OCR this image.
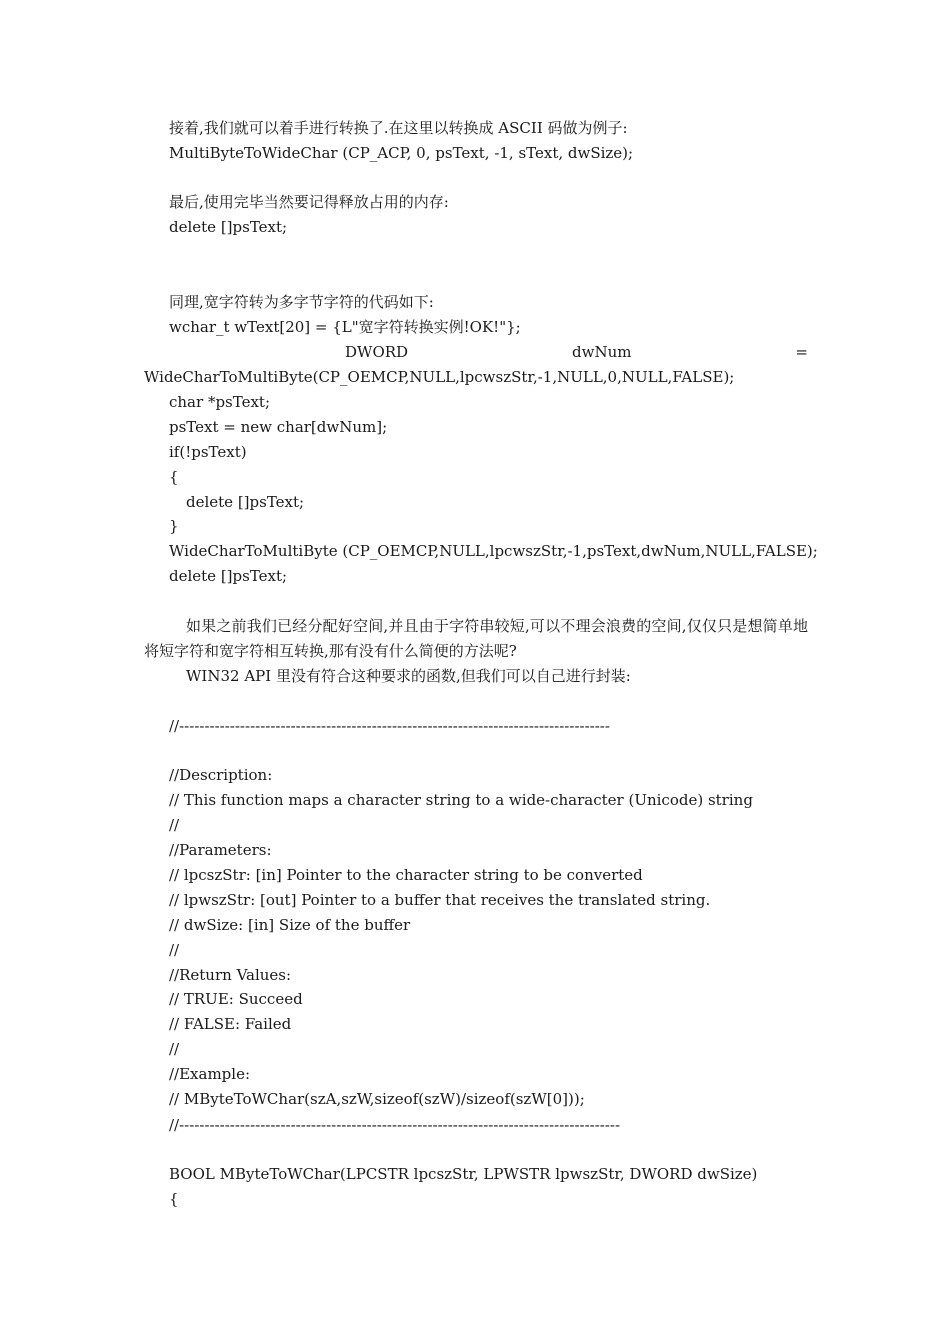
接着,我们就可以着手进行转换了.在这里以转换成 ASCII 码做为例子:
MultiByteToWideChar (CP_ACP, 0, psText, -1, sText, dwSize);
最后,使用完毕当然要记得释放占用的内存:
delete []psText;
同理,宽字符转为多字节字符的代码如下:
wchar_t wText[20] = {L"宽字符转换实例!OK!"};
DWORD	dwNum	=
WideCharToMultiByte(CP_OEMCP,NULL,lpcwszStr,-1,NULL,0,NULL,FALSE);
char *psText;
psText = new char[dwNum];
if(!psText)
{
delete []psText;
}
WideCharToMultiByte (CP_OEMCP,NULL,lpcwszStr,-1,psText,dwNum,NULL,FALSE);
delete []psText;
如果之前我们已经分配好空间,并且由于字符串较短,可以不理会浪费的空间,仅仅只是想简单地将短字符和宽字符相互转换,那有没有什么简便的方法呢?
WIN32 API 里没有符合这种要求的函数,但我们可以自己进行封装:
//-------------------------------------------------------------------------------------
//Description:
// This function maps a character string to a wide-character (Unicode) string
//
//Parameters:
// lpcszStr: [in] Pointer to the character string to be converted
// lpwszStr: [out] Pointer to a buffer that receives the translated string.
// dwSize: [in] Size of the buffer
//
//Return Values:
// TRUE: Succeed
// FALSE: Failed
//
//Example:
// MByteToWChar(szA,szW,sizeof(szW)/sizeof(szW[0]));
//---------------------------------------------------------------------------------------
BOOL MByteToWChar(LPCSTR lpcszStr, LPWSTR lpwszStr, DWORD dwSize)
{
